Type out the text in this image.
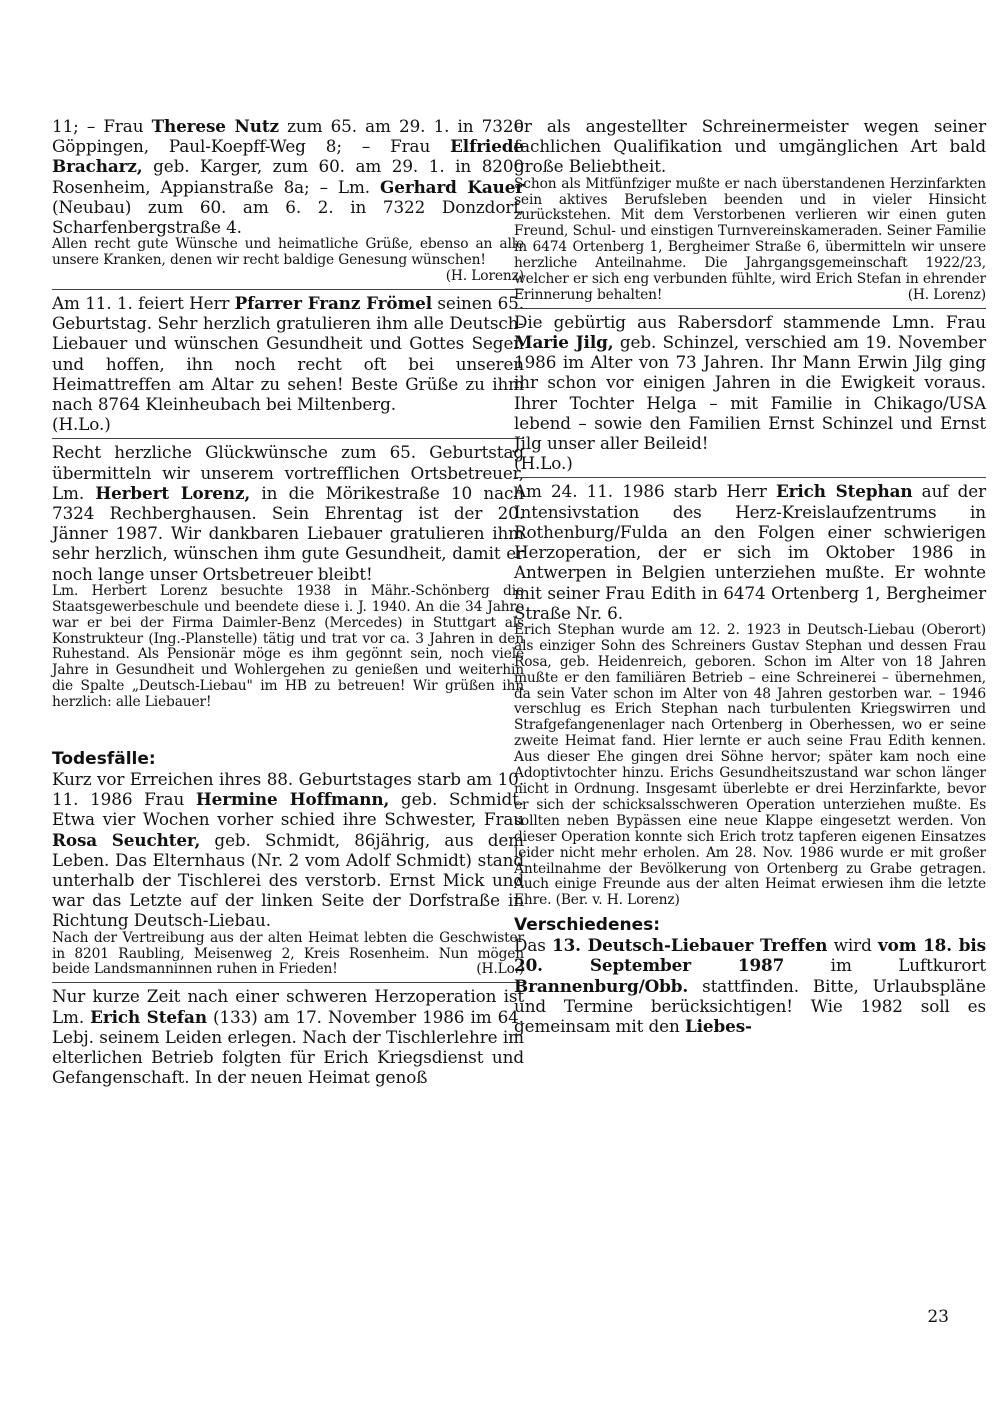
11; – Frau Therese Nutz zum 65. am 29. 1. in 7320 Göppingen, Paul-Koepff-Weg 8; – Frau Elfriede Bracharz, geb. Karger, zum 60. am 29. 1. in 8200 Rosenheim, Appianstraße 8a; – Lm. Gerhard Kauer (Neubau) zum 60. am 6. 2. in 7322 Donzdorf, Scharfenbergstraße 4.

Allen recht gute Wünsche und heimatliche Grüße, ebenso an alle unsere Kranken, denen wir recht baldige Genesung wünschen!
(H. Lorenz)

Am 11. 1. feiert Herr Pfarrer Franz Frömel seinen 65. Geburtstag. Sehr herzlich gratulieren ihm alle Deutsch-Liebauer und wünschen Gesundheit und Gottes Segen und hoffen, ihn noch recht oft bei unseren Heimattreffen am Altar zu sehen! Beste Grüße zu ihm nach 8764 Kleinheubach bei Miltenberg.

(H.Lo.)

Recht herzliche Glückwünsche zum 65. Geburtstag übermitteln wir unserem vortrefflichen Ortsbetreuer, Lm. Herbert Lorenz, in die Mörikestraße 10 nach 7324 Rechberghausen. Sein Ehrentag ist der 20. Jänner 1987. Wir dankbaren Liebauer gratulieren ihm sehr herzlich, wünschen ihm gute Gesundheit, damit er noch lange unser Ortsbetreuer bleibt!

Lm. Herbert Lorenz besuchte 1938 in Mähr.-Schönberg die Staatsgewerbeschule und beendete diese i. J. 1940. An die 34 Jahre war er bei der Firma Daimler-Benz (Mercedes) in Stuttgart als Konstrukteur (Ing.-Planstelle) tätig und trat vor ca. 3 Jahren in den Ruhestand. Als Pensionär möge es ihm gegönnt sein, noch viele Jahre in Gesundheit und Wohlergehen zu genießen und weiterhin die Spalte „Deutsch-Liebau" im HB zu betreuen! Wir grüßen ihn herzlich: alle Liebauer!

Todesfälle:

Kurz vor Erreichen ihres 88. Geburtstages starb am 10. 11. 1986 Frau Hermine Hoffmann, geb. Schmidt. Etwa vier Wochen vorher schied ihre Schwester, Frau Rosa Seuchter, geb. Schmidt, 86jährig, aus dem Leben. Das Elternhaus (Nr. 2 vom Adolf Schmidt) stand unterhalb der Tischlerei des verstorb. Ernst Mick und war das Letzte auf der linken Seite der Dorfstraße in Richtung Deutsch-Liebau.

Nach der Vertreibung aus der alten Heimat lebten die Geschwister in 8201 Raubling, Meisenweg 2, Kreis Rosenheim. Nun mögen beide Landsmanninnen ruhen in Frieden!	(H.Lo.)

Nur kurze Zeit nach einer schweren Herzoperation ist Lm. Erich Stefan (133) am 17. November 1986 im 64. Lebj. seinem Leiden erlegen. Nach der Tischlerlehre im elterlichen Betrieb folgten für Erich Kriegsdienst und Gefangenschaft. In der neuen Heimat genoß

er als angestellter Schreinermeister wegen seiner fachlichen Qualifikation und umgänglichen Art bald große Beliebtheit.

Schon als Mitfünfziger mußte er nach überstandenen Herzinfarkten sein aktives Berufsleben beenden und in vieler Hinsicht zurückstehen. Mit dem Verstorbenen verlieren wir einen guten Freund, Schul- und einstigen Turnvereinskameraden. Seiner Familie in 6474 Ortenberg 1, Bergheimer Straße 6, übermitteln wir unsere herzliche Anteilnahme. Die Jahrgangsgemeinschaft 1922/23, welcher er sich eng verbunden fühlte, wird Erich Stefan in ehrender Erinnerung behalten!	(H. Lorenz)

Die gebürtig aus Rabersdorf stammende Lmn. Frau Marie Jilg, geb. Schinzel, verschied am 19. November 1986 im Alter von 73 Jahren. Ihr Mann Erwin Jilg ging ihr schon vor einigen Jahren in die Ewigkeit voraus. Ihrer Tochter Helga – mit Familie in Chikago/USA lebend – sowie den Familien Ernst Schinzel und Ernst Jilg unser aller Beileid!

(H.Lo.)

Am 24. 11. 1986 starb Herr Erich Stephan auf der Intensivstation des Herz-Kreislaufzentrums in Rothenburg/Fulda an den Folgen einer schwierigen Herzoperation, der er sich im Oktober 1986 in Antwerpen in Belgien unterziehen mußte. Er wohnte mit seiner Frau Edith in 6474 Ortenberg 1, Bergheimer Straße Nr. 6.

Erich Stephan wurde am 12. 2. 1923 in Deutsch-Liebau (Oberort) als einziger Sohn des Schreiners Gustav Stephan und dessen Frau Rosa, geb. Heidenreich, geboren. Schon im Alter von 18 Jahren mußte er den familiären Betrieb – eine Schreinerei – übernehmen, da sein Vater schon im Alter von 48 Jahren gestorben war. – 1946 verschlug es Erich Stephan nach turbulenten Kriegswirren und Strafgefangenenlager nach Ortenberg in Oberhessen, wo er seine zweite Heimat fand. Hier lernte er auch seine Frau Edith kennen. Aus dieser Ehe gingen drei Söhne hervor; später kam noch eine Adoptivtochter hinzu. Erichs Gesundheitszustand war schon länger nicht in Ordnung. Insgesamt überlebte er drei Herzinfarkte, bevor er sich der schicksalsschweren Operation unterziehen mußte. Es sollten neben Bypässen eine neue Klappe eingesetzt werden. Von dieser Operation konnte sich Erich trotz tapferen eigenen Einsatzes leider nicht mehr erholen. Am 28. Nov. 1986 wurde er mit großer Anteilnahme der Bevölkerung von Ortenberg zu Grabe getragen. Auch einige Freunde aus der alten Heimat erwiesen ihm die letzte Ehre. (Ber. v. H. Lorenz)

Verschiedenes:

Das 13. Deutsch-Liebauer Treffen wird vom 18. bis 20. September 1987 im Luftkurort Brannenburg/Obb. stattfinden. Bitte, Urlaubspläne und Termine berücksichtigen! Wie 1982 soll es gemeinsam mit den Liebes-

23
